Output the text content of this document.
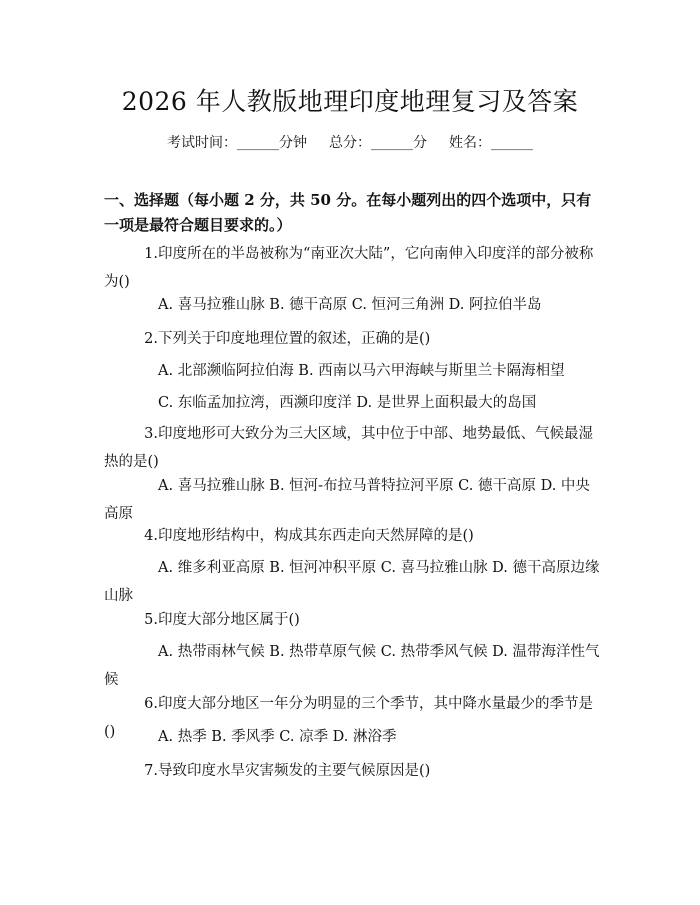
2026 年人教版地理印度地理复习及答案
考试时间：______分钟 总分：______分 姓名：______
一、选择题（每小题 2 分，共 50 分。在每小题列出的四个选项中，只有一项是最符合题目要求的。）
1.印度所在的半岛被称为“南亚次大陆”，它向南伸入印度洋的部分被称为()
A. 喜马拉雅山脉 B. 德干高原 C. 恒河三角洲 D. 阿拉伯半岛
2.下列关于印度地理位置的叙述，正确的是()
A. 北部濒临阿拉伯海 B. 西南以马六甲海峡与斯里兰卡隔海相望
C. 东临孟加拉湾，西濒印度洋 D. 是世界上面积最大的岛国
3.印度地形可大致分为三大区域，其中位于中部、地势最低、气候最湿热的是()
A. 喜马拉雅山脉 B. 恒河-布拉马普特拉河平原 C. 德干高原 D. 中央高原
4.印度地形结构中，构成其东西走向天然屏障的是()
A. 维多利亚高原 B. 恒河冲积平原 C. 喜马拉雅山脉 D. 德干高原边缘山脉
5.印度大部分地区属于()
A. 热带雨林气候 B. 热带草原气候 C. 热带季风气候 D. 温带海洋性气候
6.印度大部分地区一年分为明显的三个季节，其中降水量最少的季节是()	A. 热季 B. 季风季 C. 凉季 D. 淋浴季
7.导致印度水旱灾害频发的主要气候原因是()
